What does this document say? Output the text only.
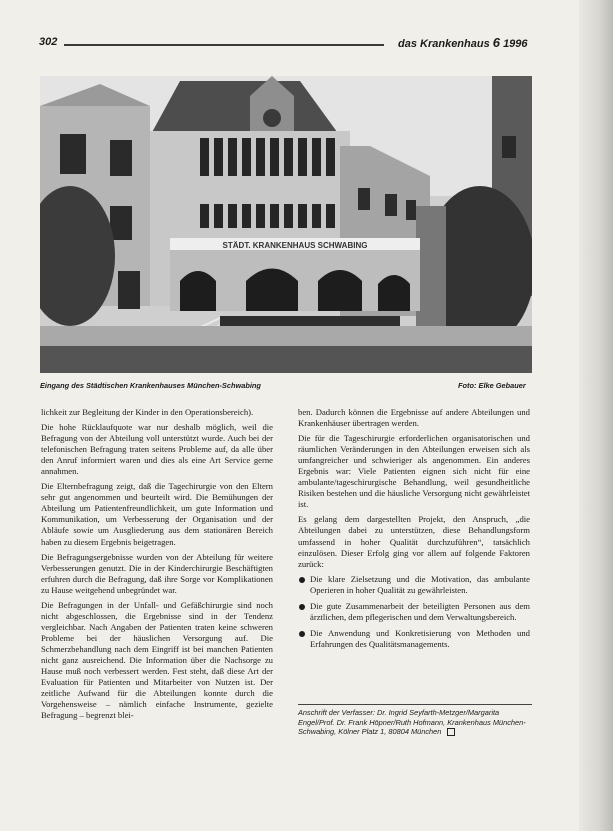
302	das Krankenhaus 6 1996
STÄDT. KRANKENHAUS SCHWABING
Eingang des Städtischen Krankenhauses München-Schwabing	Foto: Elke Gebauer

lichkeit zur Begleitung der Kinder in den Operationsbereich).

Die hohe Rücklaufquote war nur deshalb möglich, weil die Befragung von der Abteilung voll unterstützt wurde. Auch bei der telefonischen Befragung traten seitens Probleme auf, da alle über den Anruf informiert waren und dies als eine Art Service gerne annahmen.

Die Elternbefragung zeigt, daß die Tagechirurgie von den Eltern sehr gut angenommen und beurteilt wird. Die Bemühungen der Abteilung um Patientenfreundlichkeit, um gute Information und Kommunikation, um Verbesserung der Organisation und der Abläufe sowie um Ausgliederung aus dem stationären Bereich haben zu diesem Ergebnis beigetragen.

Die Befragungsergebnisse wurden von der Abteilung für weitere Verbesserungen genutzt. Die in der Kinderchirurgie Beschäftigten erfuhren durch die Befragung, daß ihre Sorge vor Komplikationen zu Hause weitgehend unbegründet war.

Die Befragungen in der Unfall- und Gefäßchirurgie sind noch nicht abgeschlossen, die Ergebnisse sind in der Tendenz vergleichbar. Nach Angaben der Patienten traten keine schweren Probleme bei der häuslichen Versorgung auf. Die Schmerzbehandlung nach dem Eingriff ist bei manchen Patienten nicht ganz ausreichend. Die Information über die Nachsorge zu Hause muß noch verbessert werden. Fest steht, daß diese Art der Evaluation für Patienten und Mitarbeiter von Nutzen ist. Der zeitliche Aufwand für die Abteilungen konnte durch die Vorgehensweise – nämlich einfache Instrumente, gezielte Befragung – begrenzt blei-

ben. Dadurch können die Ergebnisse auf andere Abteilungen und Krankenhäuser übertragen werden.

Die für die Tageschirurgie erforderlichen organisatorischen und räumlichen Veränderungen in den Abteilungen erweisen sich als umfangreicher und schwieriger als angenommen. Ein anderes Ergebnis war: Viele Patienten eignen sich nicht für eine ambulante/tageschirurgische Behandlung, weil gesundheitliche Risiken bestehen und die häusliche Versorgung nicht gewährleistet ist.

Es gelang dem dargestellten Projekt, den Anspruch, „die Abteilungen dabei zu unterstützen, diese Behandlungsform umfassend in hoher Qualität durchzuführen“, tatsächlich einzulösen. Dieser Erfolg ging vor allem auf folgende Faktoren zurück:

Die klare Zielsetzung und die Motivation, das ambulante Operieren in hoher Qualität zu gewährleisten.
Die gute Zusammenarbeit der beteiligten Personen aus dem ärztlichen, dem pflegerischen und dem Verwaltungsbereich.
Die Anwendung und Konkretisierung von Methoden und Erfahrungen des Qualitätsmanagements.
Anschrift der Verfasser: Dr. Ingrid Seyfarth-Metzger/Margarita Engel/Prof. Dr. Frank Höpner/Ruth Hofmann, Krankenhaus München-Schwabing, Kölner Platz 1, 80804 München
